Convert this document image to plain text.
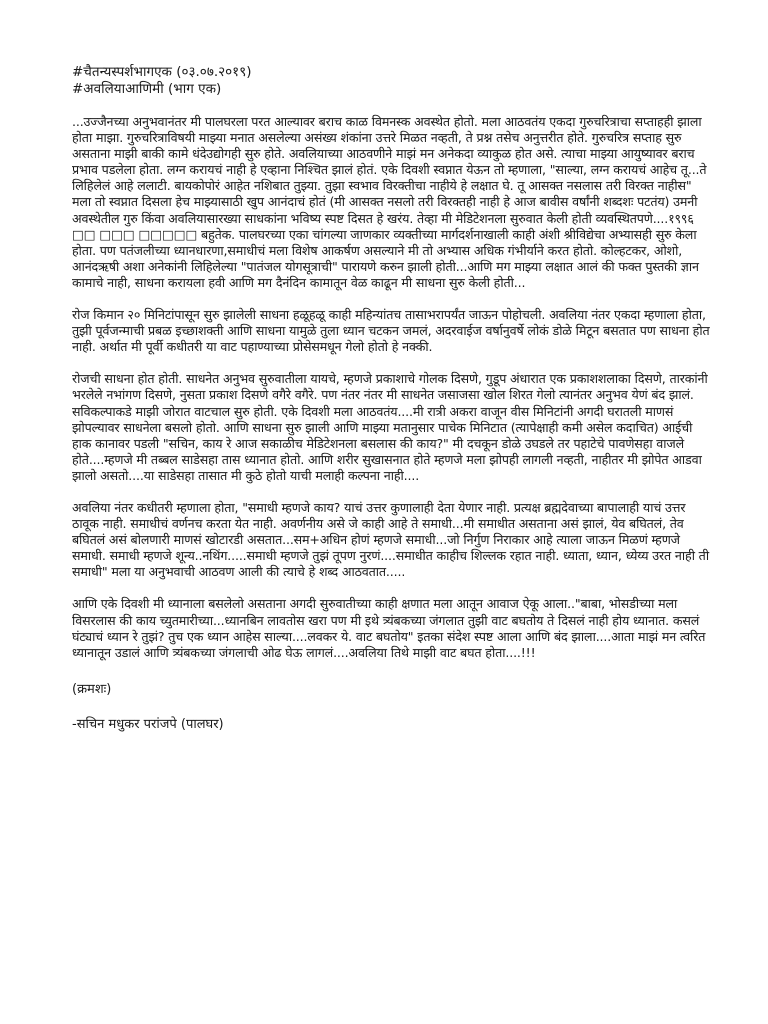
#चैतन्यस्पर्शभागएक (०३.०७.२०१९)

#अवलियाआणिमी (भाग एक)

...उज्जैनच्या अनुभवानंतर मी पालघरला परत आल्यावर बराच काळ विमनस्क अवस्थेत होतो. मला आठवतंय एकदा गुरुचरित्राचा सप्ताहही झाला होता माझा. गुरुचरित्राविषयी माझ्या मनात असलेल्या असंख्य शंकांना उत्तरे मिळत नव्हती, ते प्रश्न तसेच अनुत्तरीत होते. गुरुचरित्र सप्ताह सुरु असताना माझी बाकी कामे धंदेउद्योगही सुरु होते. अवलियाच्या आठवणीने माझं मन अनेकदा व्याकुळ होत असे. त्याचा माझ्या आयुष्यावर बराच प्रभाव पडलेला होता. लग्न करायचं नाही हे एव्हाना निश्चित झालं होतं. एके दिवशी स्वप्नात येऊन तो म्हणाला, "साल्या, लग्न करायचं आहेच तू...ते लिहिलेलं आहे ललाटी. बायकोपोरं आहेत नशिबात तुझ्या. तुझा स्वभाव विरक्तीचा नाहीये हे लक्षात घे. तू आसक्त नसलास तरी विरक्त नाहीस" मला तो स्वप्नात दिसला हेच माझ्यासाठी खुप आनंदाचं होतं (मी आसक्त नसलो तरी विरक्तही नाही हे आज बावीस वर्षांनी शब्दशः पटतंय) उमनी अवस्थेतील गुरु किंवा अवलियासारख्या साधकांना भविष्य स्पष्ट दिसत हे खरंय. तेव्हा मी मेडिटेशनला सुरुवात केली होती व्यवस्थितपणे....१९९६ □□ □□□ □□□□□ बहुतेक. पालघरच्या एका चांगल्या जाणकार व्यक्तीच्या मार्गदर्शनाखाली काही अंशी श्रीविद्येचा अभ्यासही सुरु केला होता. पण पतंजलीच्या ध्यानधारणा,समाधीचं मला विशेष आकर्षण असल्याने मी तो अभ्यास अधिक गंभीर्याने करत होतो. कोल्हटकर, ओशो, आनंदऋषी अशा अनेकांनी लिहिलेल्या "पातंजल योगसूत्राची" पारायणे करुन झाली होती...आणि मग माझ्या लक्षात आलं की फक्त पुस्तकी ज्ञान कामाचे नाही, साधना करायला हवी आणि मग दैनंदिन कामातून वेळ काढून मी साधना सुरु केली होती...

रोज किमान २० मिनिटांपासून सुरु झालेली साधना हळूहळू काही महिन्यांतच तासाभरापर्यंत जाऊन पोहोचली. अवलिया नंतर एकदा म्हणाला होता, तुझी पूर्वजन्माची प्रबळ इच्छाशक्ती आणि साधना यामुळे तुला ध्यान चटकन जमलं, अदरवाईज वर्षानुवर्षे लोकं डोळे मिटून बसतात पण साधना होत नाही. अर्थात मी पूर्वी कधीतरी या वाट पहाण्याच्या प्रोसेसमधून गेलो होतो हे नक्की.

रोजची साधना होत होती. साधनेत अनुभव सुरुवातीला यायचे, म्हणजे प्रकाशाचे गोलक दिसणे, गुडूप अंधारात एक प्रकाशशलाका दिसणे, तारकांनी भरलेले नभांगण दिसणे, नुसता प्रकाश दिसणे वगैरे वगैरे. पण नंतर नंतर मी साधनेत जसाजसा खोल शिरत गेलो त्यानंतर अनुभव येणं बंद झालं. सविकल्पाकडे माझी जोरात वाटचाल सुरु होती. एके दिवशी मला आठवतंय....मी रात्री अकरा वाजून वीस मिनिटांनी अगदी घरातली माणसं झोपल्यावर साधनेला बसलो होतो. आणि साधना सुरु झाली आणि माझ्या मतानुसार पाचेक मिनिटात (त्यापेक्षाही कमी असेल कदाचित) आईची हाक कानावर पडली "सचिन, काय रे आज सकाळीच मेडिटेशनला बसलास की काय?" मी दचकून डोळे उघडले तर पहाटेचे पावणेसहा वाजले होते....म्हणजे मी तब्बल साडेसहा तास ध्यानात होतो. आणि शरीर सुखासनात होते म्हणजे मला झोपही लागली नव्हती, नाहीतर मी झोपेत आडवा झालो असतो....या साडेसहा तासात मी कुठे होतो याची मलाही कल्पना नाही....

अवलिया नंतर कधीतरी म्हणाला होता, "समाधी म्हणजे काय? याचं उत्तर कुणालाही देता येणार नाही. प्रत्यक्ष ब्रह्मदेवाच्या बापालाही याचं उत्तर ठावूक नाही. समाधीचं वर्णनच करता येत नाही. अवर्णनीय असे जे काही आहे ते समाधी...मी समाधीत असताना असं झालं, येव बघितलं, तेव बघितलं असं बोलणारी माणसं खोटारडी असतात...सम+अधिन होणं म्हणजे समाधी...जो निर्गुण निराकार आहे त्याला जाऊन मिळणं म्हणजे समाधी. समाधी म्हणजे शून्य..नथिंग.....समाधी म्हणजे तुझं तूपण नुरणं....समाधीत काहीच शिल्लक रहात नाही. ध्याता, ध्यान, ध्येय्य उरत नाही ती समाधी" मला या अनुभवाची आठवण आली की त्याचे हे शब्द आठवतात.....

आणि एके दिवशी मी ध्यानाला बसलेलो असताना अगदी सुरुवातीच्या काही क्षणात मला आतून आवाज ऐकू आला.."बाबा, भोसडीच्या मला विसरलास की काय च्युतमारीच्या...ध्यानबिन लावतोस खरा पण मी इथे त्र्यंबकच्या जंगलात तुझी वाट बघतोय ते दिसलं नाही होय ध्यानात. कसलं घंट्याचं ध्यान रे तुझं? तुच एक ध्यान आहेस साल्या....लवकर ये. वाट बघतोय" इतका संदेश स्पष्ट आला आणि बंद झाला....आता माझं मन त्वरित ध्यानातून उडालं आणि त्र्यंबकच्या जंगलाची ओढ घेऊ लागलं....अवलिया तिथे माझी वाट बघत होता....!!!

(क्रमशः)

-सचिन मधुकर परांजपे (पालघर)
